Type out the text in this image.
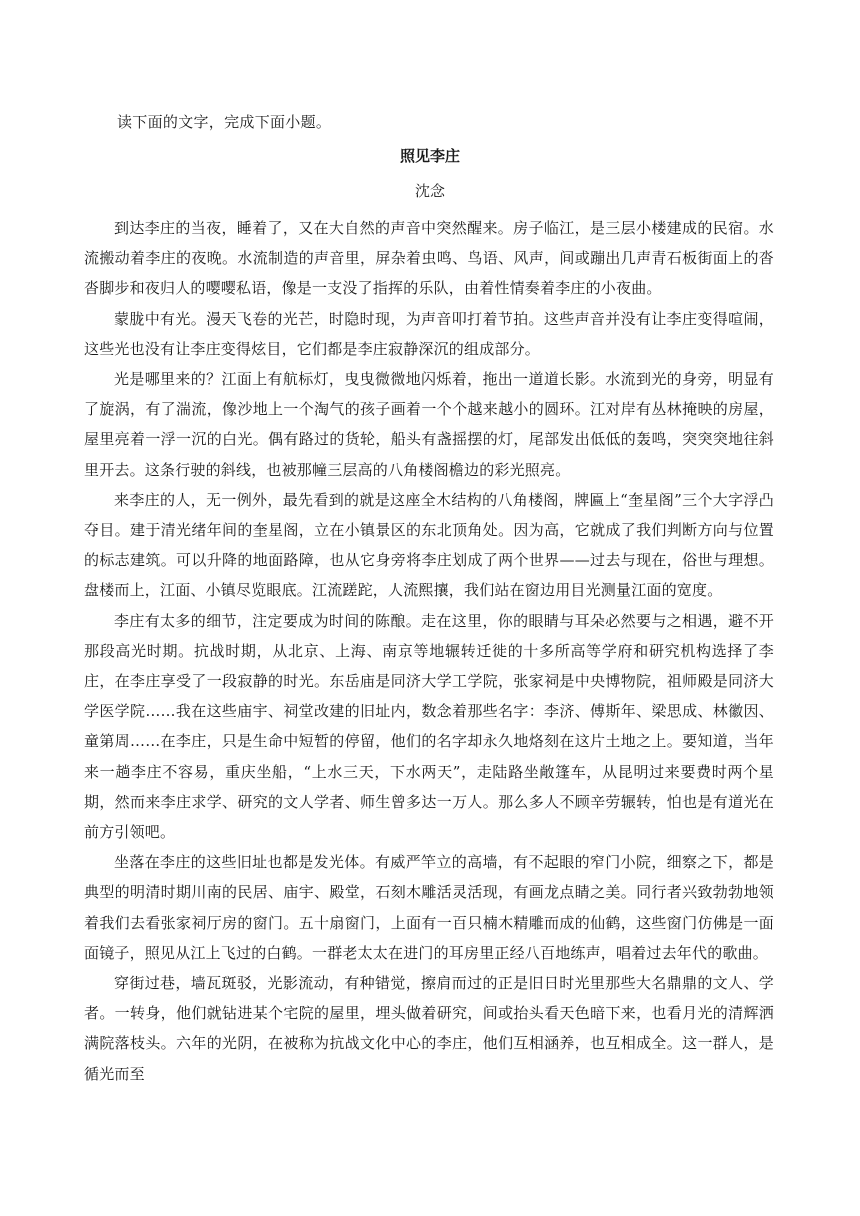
读下面的文字，完成下面小题。
照见李庄
沈念

到达李庄的当夜，睡着了，又在大自然的声音中突然醒来。房子临江，是三层小楼建成的民宿。水流搬动着李庄的夜晚。水流制造的声音里，屏杂着虫鸣、鸟语、风声，间或蹦出几声青石板街面上的沓沓脚步和夜归人的嘤嘤私语，像是一支没了指挥的乐队，由着性情奏着李庄的小夜曲。

蒙胧中有光。漫天飞卷的光芒，时隐时现，为声音叩打着节拍。这些声音并没有让李庄变得喧闹，这些光也没有让李庄变得炫目，它们都是李庄寂静深沉的组成部分。

光是哪里来的？江面上有航标灯，曳曳微微地闪烁着，拖出一道道长影。水流到光的身旁，明显有了旋涡，有了湍流，像沙地上一个淘气的孩子画着一个个越来越小的圆环。江对岸有丛林掩映的房屋，屋里亮着一浮一沉的白光。偶有路过的货轮，船头有盏摇摆的灯，尾部发出低低的轰鸣，突突突地往斜里开去。这条行驶的斜线，也被那幢三层高的八角楼阁檐边的彩光照亮。

来李庄的人，无一例外，最先看到的就是这座全木结构的八角楼阁，牌匾上“奎星阁”三个大字浮凸夺目。建于清光绪年间的奎星阁，立在小镇景区的东北顶角处。因为高，它就成了我们判断方向与位置的标志建筑。可以升降的地面路障，也从它身旁将李庄划成了两个世界——过去与现在，俗世与理想。盘楼而上，江面、小镇尽览眼底。江流蹉跎，人流熙攘，我们站在窗边用目光测量江面的宽度。

李庄有太多的细节，注定要成为时间的陈酿。走在这里，你的眼睛与耳朵必然要与之相遇，避不开那段高光时期。抗战时期，从北京、上海、南京等地辗转迁徙的十多所高等学府和研究机构选择了李庄，在李庄享受了一段寂静的时光。东岳庙是同济大学工学院，张家祠是中央博物院，祖师殿是同济大学医学院……我在这些庙宇、祠堂改建的旧址内，数念着那些名字：李济、傅斯年、梁思成、林徽因、童第周……在李庄，只是生命中短暂的停留，他们的名字却永久地烙刻在这片土地之上。要知道，当年来一趟李庄不容易，重庆坐船，“上水三天，下水两天”，走陆路坐敞篷车，从昆明过来要费时两个星期，然而来李庄求学、研究的文人学者、师生曾多达一万人。那么多人不顾辛劳辗转，怕也是有道光在前方引领吧。

坐落在李庄的这些旧址也都是发光体。有威严竿立的高墙，有不起眼的窄门小院，细察之下，都是典型的明清时期川南的民居、庙宇、殿堂，石刻木雕活灵活现，有画龙点睛之美。同行者兴致勃勃地领着我们去看张家祠厅房的窗门。五十扇窗门，上面有一百只楠木精雕而成的仙鹤，这些窗门仿佛是一面面镜子，照见从江上飞过的白鹤。一群老太太在进门的耳房里正经八百地练声，唱着过去年代的歌曲。

穿街过巷，墙瓦斑驳，光影流动，有种错觉，擦肩而过的正是旧日时光里那些大名鼎鼎的文人、学者。一转身，他们就钻进某个宅院的屋里，埋头做着研究，间或抬头看天色暗下来，也看月光的清辉洒满院落枝头。六年的光阴，在被称为抗战文化中心的李庄，他们互相涵养，也互相成全。这一群人，是循光而至
